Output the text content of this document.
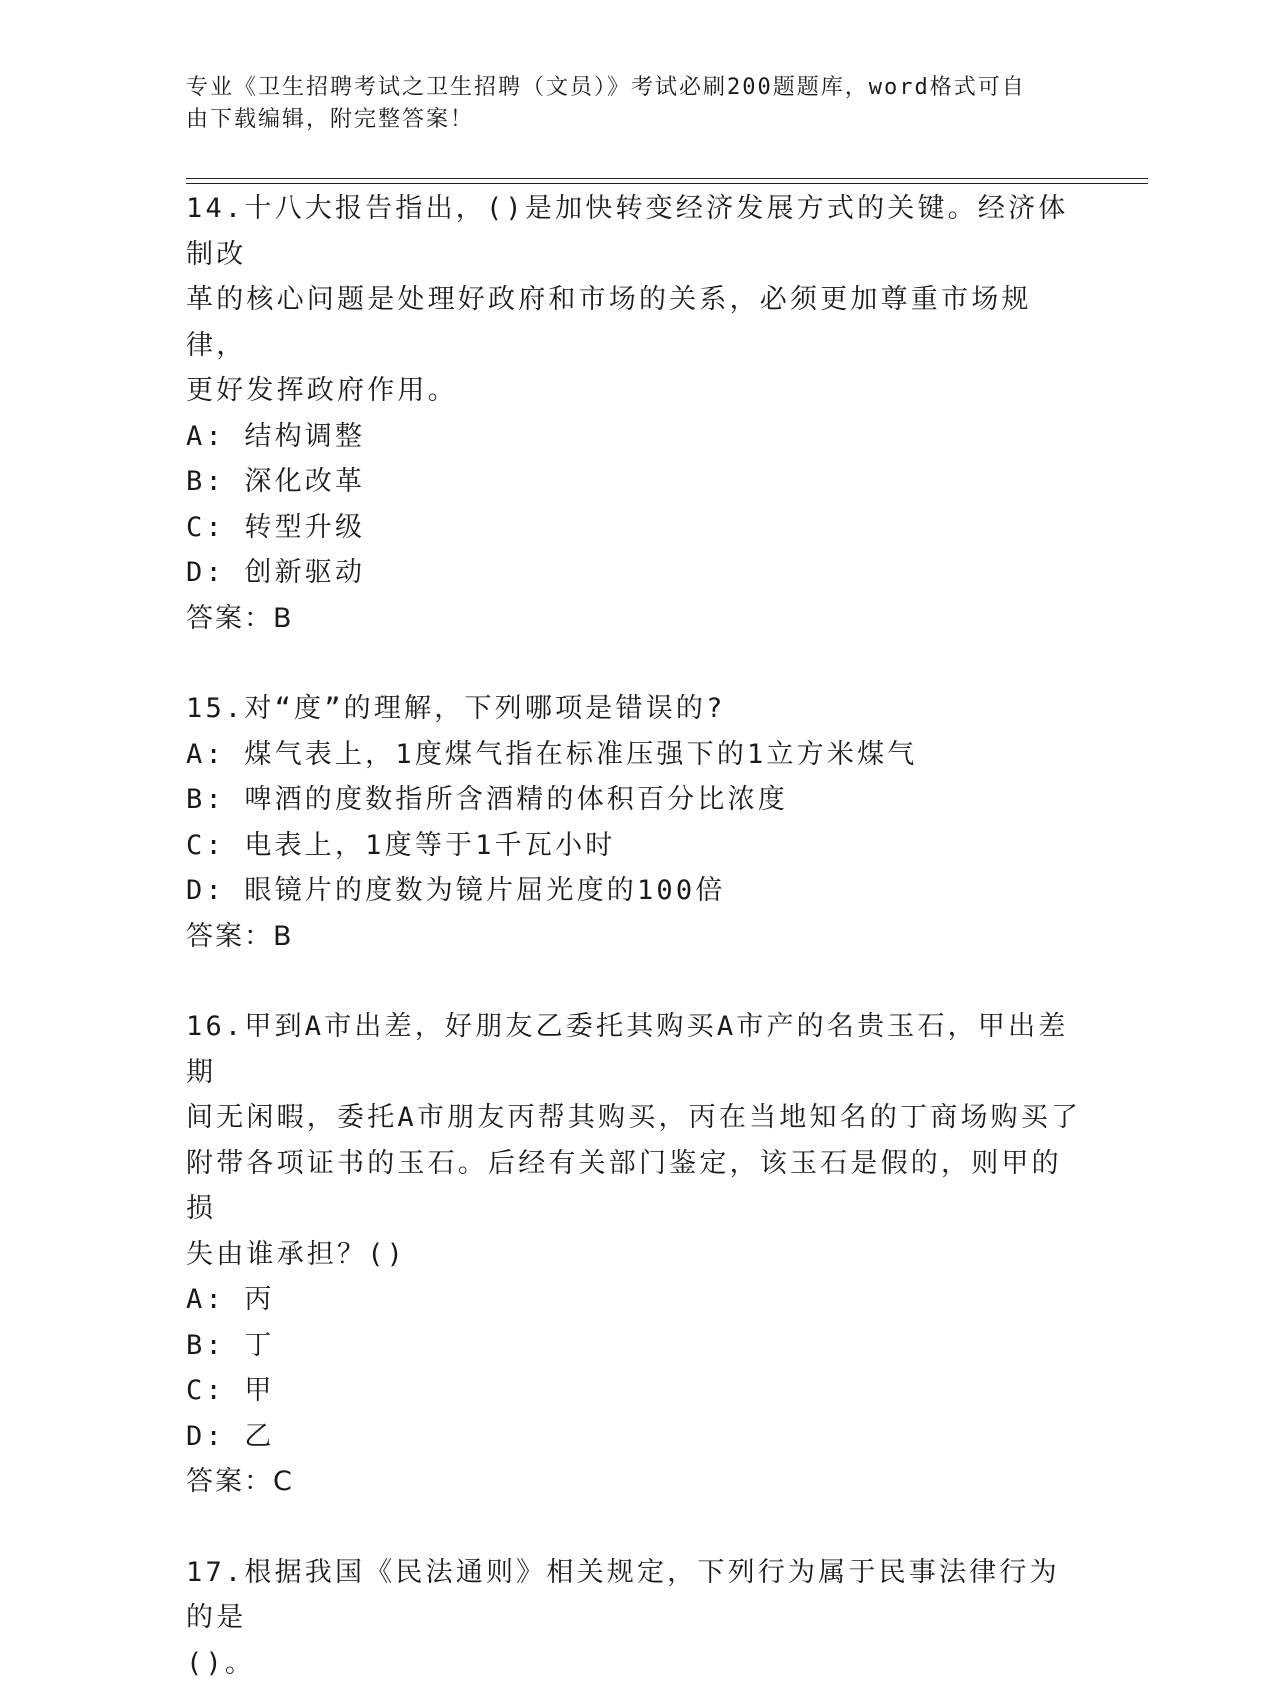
专业《卫生招聘考试之卫生招聘（文员）》考试必刷200题题库，word格式可自
由下载编辑，附完整答案！
14.十八大报告指出，()是加快转变经济发展方式的关键。经济体制改
革的核心问题是处理好政府和市场的关系，必须更加尊重市场规律，
更好发挥政府作用。
A: 结构调整
B: 深化改革
C: 转型升级
D: 创新驱动
答案：B
15.对“度”的理解，下列哪项是错误的?
A: 煤气表上，1度煤气指在标准压强下的1立方米煤气
B: 啤酒的度数指所含酒精的体积百分比浓度
C: 电表上，1度等于1千瓦小时
D: 眼镜片的度数为镜片屈光度的100倍
答案：B
16.甲到A市出差，好朋友乙委托其购买A市产的名贵玉石，甲出差期
间无闲暇，委托A市朋友丙帮其购买，丙在当地知名的丁商场购买了
附带各项证书的玉石。后经有关部门鉴定，该玉石是假的，则甲的损
失由谁承担？()
A: 丙
B: 丁
C: 甲
D: 乙
答案：C
17.根据我国《民法通则》相关规定，下列行为属于民事法律行为的是
()。
